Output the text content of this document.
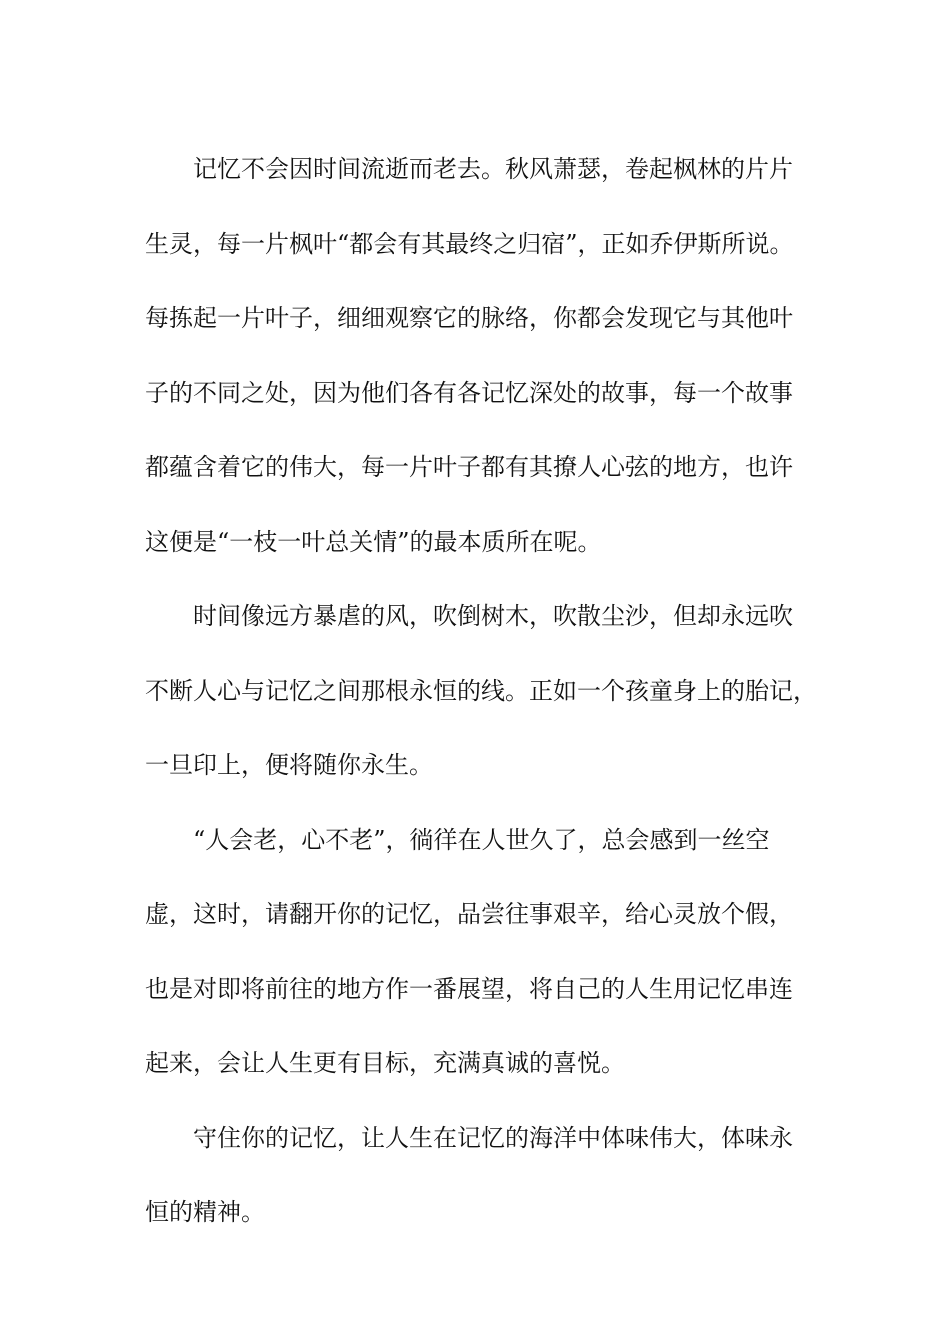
记忆不会因时间流逝而老去。秋风萧瑟，卷起枫林的片片
生灵，每一片枫叶“都会有其最终之归宿”，正如乔伊斯所说。
每拣起一片叶子，细细观察它的脉络，你都会发现它与其他叶
子的不同之处，因为他们各有各记忆深处的故事，每一个故事
都蕴含着它的伟大，每一片叶子都有其撩人心弦的地方，也许
这便是“一枝一叶总关情”的最本质所在呢。
时间像远方暴虐的风，吹倒树木，吹散尘沙，但却永远吹
不断人心与记忆之间那根永恒的线。正如一个孩童身上的胎记，
一旦印上，便将随你永生。
“人会老，心不老”，徜徉在人世久了，总会感到一丝空
虚，这时，请翻开你的记忆，品尝往事艰辛，给心灵放个假，
也是对即将前往的地方作一番展望，将自己的人生用记忆串连
起来，会让人生更有目标，充满真诚的喜悦。
守住你的记忆，让人生在记忆的海洋中体味伟大，体味永
恒的精神。
